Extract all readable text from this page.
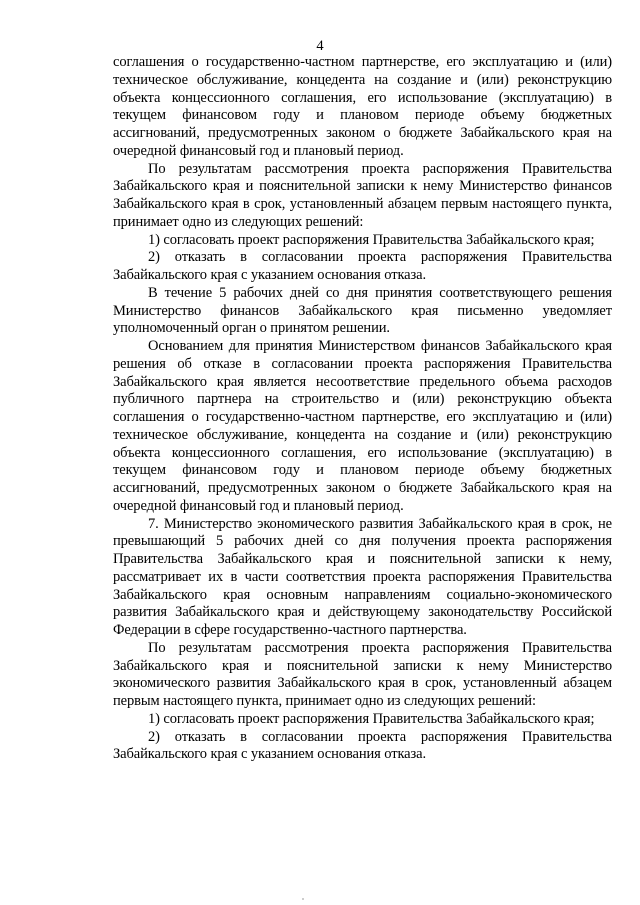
4

соглашения о государственно-частном партнерстве, его эксплуатацию и (или) техническое обслуживание, концедента на создание и (или) реконструкцию объекта концессионного соглашения, его использование (эксплуатацию) в текущем финансовом году и плановом периоде объему бюджетных ассигнований, предусмотренных законом о бюджете Забайкальского края на очередной финансовый год и плановый период.

По результатам рассмотрения проекта распоряжения Правительства Забайкальского края и пояснительной записки к нему Министерство финансов Забайкальского края в срок, установленный абзацем первым настоящего пункта, принимает одно из следующих решений:

1) согласовать проект распоряжения Правительства Забайкальского края;

2) отказать в согласовании проекта распоряжения Правительства Забайкальского края с указанием основания отказа.

В течение 5 рабочих дней со дня принятия соответствующего решения Министерство финансов Забайкальского края письменно уведомляет уполномоченный орган о принятом решении.

Основанием для принятия Министерством финансов Забайкальского края решения об отказе в согласовании проекта распоряжения Правительства Забайкальского края является несоответствие предельного объема расходов публичного партнера на строительство и (или) реконструкцию объекта соглашения о государственно-частном партнерстве, его эксплуатацию и (или) техническое обслуживание, концедента на создание и (или) реконструкцию объекта концессионного соглашения, его использование (эксплуатацию) в текущем финансовом году и плановом периоде объему бюджетных ассигнований, предусмотренных законом о бюджете Забайкальского края на очередной финансовый год и плановый период.

7. Министерство экономического развития Забайкальского края в срок, не превышающий 5 рабочих дней со дня получения проекта распоряжения Правительства Забайкальского края и пояснительной записки к нему, рассматривает их в части соответствия проекта распоряжения Правительства Забайкальского края основным направлениям социально-экономического развития Забайкальского края и действующему законодательству Российской Федерации в сфере государственно-частного партнерства.

По результатам рассмотрения проекта распоряжения Правительства Забайкальского края и пояснительной записки к нему Министерство экономического развития Забайкальского края в срок, установленный абзацем первым настоящего пункта, принимает одно из следующих решений:

1) согласовать проект распоряжения Правительства Забайкальского края;

2) отказать в согласовании проекта распоряжения Правительства Забайкальского края с указанием основания отказа.
